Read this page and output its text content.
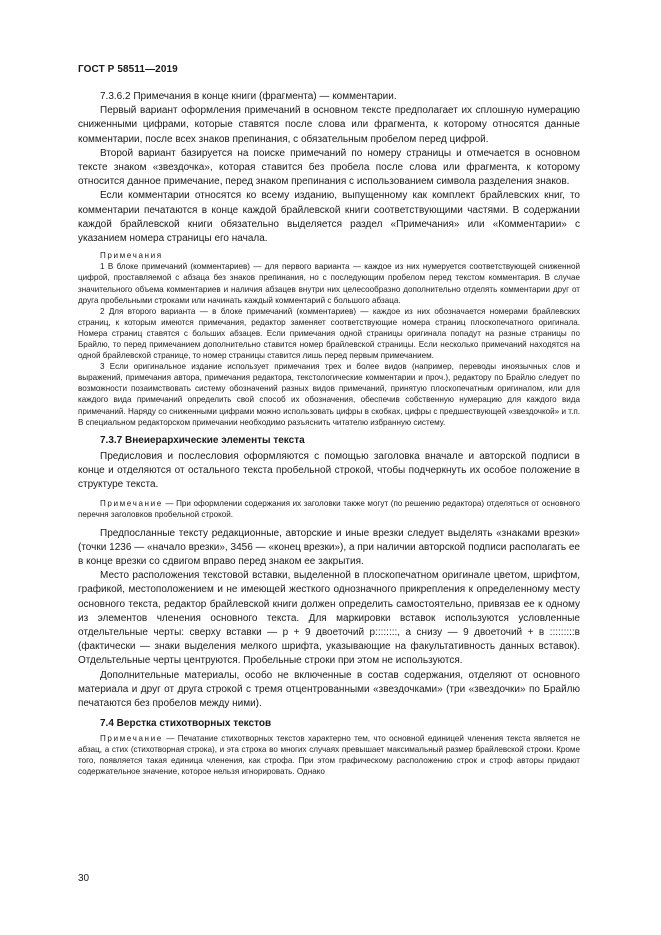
ГОСТ Р 58511—2019

7.3.6.2 Примечания в конце книги (фрагмента) — комментарии.

Первый вариант оформления примечаний в основном тексте предполагает их сплошную нумерацию сниженными цифрами, которые ставятся после слова или фрагмента, к которому относятся данные комментарии, после всех знаков препинания, с обязательным пробелом перед цифрой.

Второй вариант базируется на поиске примечаний по номеру страницы и отмечается в основном тексте знаком «звездочка», которая ставится без пробела после слова или фрагмента, к которому относится данное примечание, перед знаком препинания с использованием символа разделения знаков.

Если комментарии относятся ко всему изданию, выпущенному как комплект брайлевских книг, то комментарии печатаются в конце каждой брайлевской книги соответствующими частями. В содержании каждой брайлевской книги обязательно выделяется раздел «Примечания» или «Комментарии» с указанием номера страницы его начала.

Примечания

1 В блоке примечаний (комментариев) — для первого варианта — каждое из них нумеруется соответствующей сниженной цифрой, проставляемой с абзаца без знаков препинания, но с последующим пробелом перед текстом комментария. В случае значительного объема комментариев и наличия абзацев внутри них целесообразно дополнительно отделять комментарии друг от друга пробельными строками или начинать каждый комментарий с большого абзаца.

2 Для второго варианта — в блоке примечаний (комментариев) — каждое из них обозначается номерами брайлевских страниц, к которым имеются примечания, редактор заменяет соответствующие номера страниц плоскопечатного оригинала. Номера страниц ставятся с больших абзацев. Если примечания одной страницы оригинала попадут на разные страницы по Брайлю, то перед примечанием дополнительно ставится номер брайлевской страницы. Если несколько примечаний находятся на одной брайлевской странице, то номер страницы ставится лишь перед первым примечанием.

3 Если оригинальное издание использует примечания трех и более видов (например, переводы иноязычных слов и выражений, примечания автора, примечания редактора, текстологические комментарии и проч.), редактору по Брайлю следует по возможности позаимствовать систему обозначений разных видов примечаний, принятую плоскопечатным оригиналом, или для каждого вида примечаний определить свой способ их обозначения, обеспечив собственную нумерацию для каждого вида примечаний. Наряду со сниженными цифрами можно использовать цифры в скобках, цифры с предшествующей «звездочкой» и т.п. В специальном редакторском примечании необходимо разъяснить читателю избранную систему.

7.3.7 Внеиерархические элементы текста

Предисловия и послесловия оформляются с помощью заголовка вначале и авторской подписи в конце и отделяются от остального текста пробельной строкой, чтобы подчеркнуть их особое положение в структуре текста.

Примечание — При оформлении содержания их заголовки также могут (по решению редактора) отделяться от основного перечня заголовков пробельной строкой.

Предпосланные тексту редакционные, авторские и иные врезки следует выделять «знаками врезки» (точки 1236 — «начало врезки», 3456 — «конец врезки»), а при наличии авторской подписи располагать ее в конце врезки со сдвигом вправо перед знаком ее закрытия.

Место расположения текстовой вставки, выделенной в плоскопечатном оригинале цветом, шрифтом, графикой, местоположением и не имеющей жесткого однозначного прикрепления к определенному месту основного текста, редактор брайлевской книги должен определить самостоятельно, привязав ее к одному из элементов членения основного текста. Для маркировки вставок используются условленные отдельтельные черты: сверху вставки — р + 9 двоеточий р::::::::, а снизу — 9 двоеточий + в :::::::::в (фактически — знаки выделения мелкого шрифта, указывающие на факультативность данных вставок). Отдельтельные черты центруются. Пробельные строки при этом не используются.

Дополнительные материалы, особо не включенные в состав содержания, отделяют от основного материала и друг от друга строкой с тремя отцентрованными «звездочками» (три «звездочки» по Брайлю печатаются без пробелов между ними).

7.4 Верстка стихотворных текстов

Примечание — Печатание стихотворных текстов характерно тем, что основной единицей членения текста является не абзац, а стих (стихотворная строка), и эта строка во многих случаях превышает максимальный размер брайлевской строки. Кроме того, появляется такая единица членения, как строфа. При этом графическому расположению строк и строф авторы придают содержательное значение, которое нельзя игнорировать. Однако

30
